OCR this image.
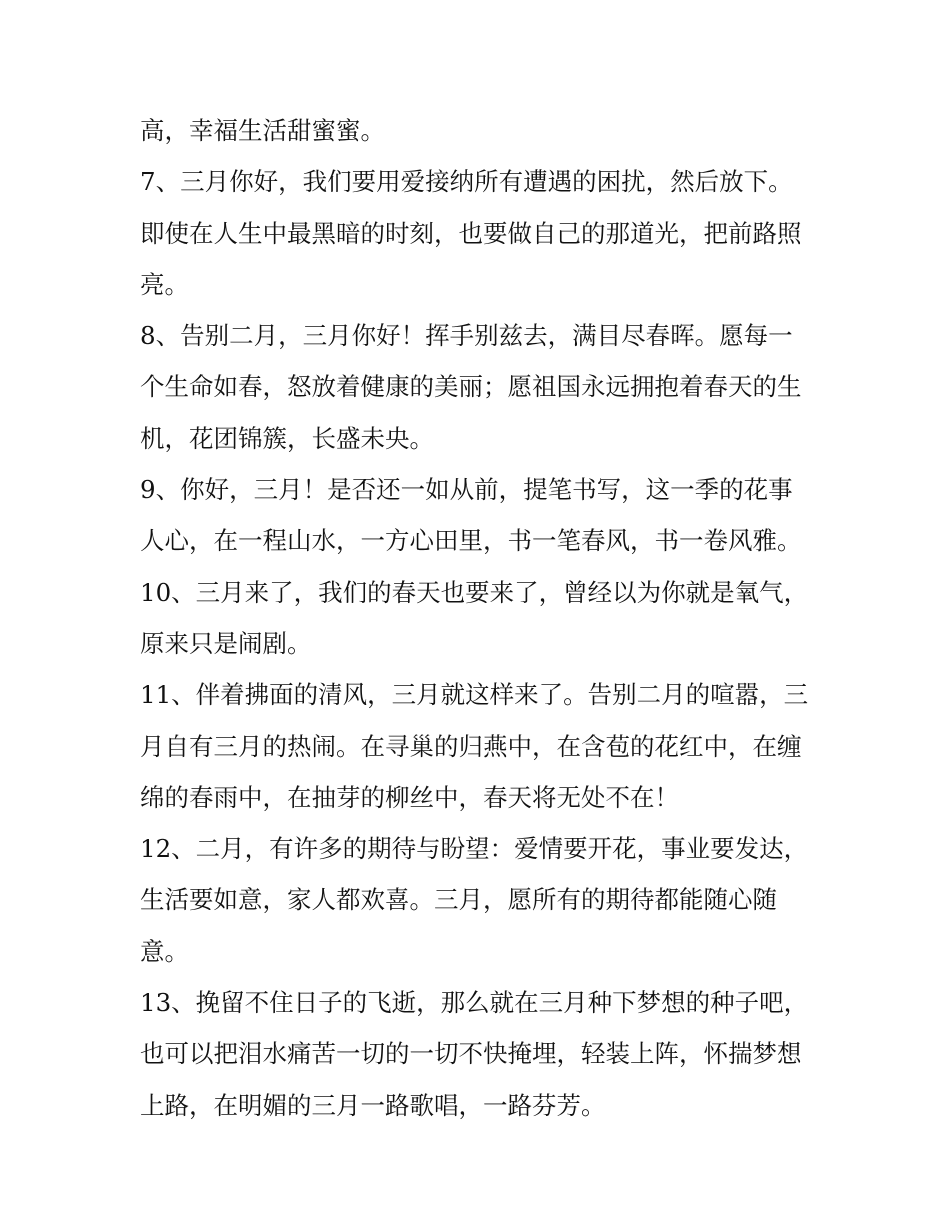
高，幸福生活甜蜜蜜。
7、三月你好，我们要用爱接纳所有遭遇的困扰，然后放下。
即使在人生中最黑暗的时刻，也要做自己的那道光，把前路照
亮。
8、告别二月，三月你好！挥手别兹去，满目尽春晖。愿每一
个生命如春，怒放着健康的美丽；愿祖国永远拥抱着春天的生
机，花团锦簇，长盛未央。
9、你好，三月！是否还一如从前，提笔书写，这一季的花事
人心，在一程山水，一方心田里，书一笔春风，书一卷风雅。
10、三月来了，我们的春天也要来了，曾经以为你就是氧气，
原来只是闹剧。
11、伴着拂面的清风，三月就这样来了。告别二月的喧嚣，三
月自有三月的热闹。在寻巢的归燕中，在含苞的花红中，在缠
绵的春雨中，在抽芽的柳丝中，春天将无处不在！
12、二月，有许多的期待与盼望：爱情要开花，事业要发达，
生活要如意，家人都欢喜。三月，愿所有的期待都能随心随
意。
13、挽留不住日子的飞逝，那么就在三月种下梦想的种子吧，
也可以把泪水痛苦一切的一切不快掩埋，轻装上阵，怀揣梦想
上路，在明媚的三月一路歌唱，一路芬芳。
